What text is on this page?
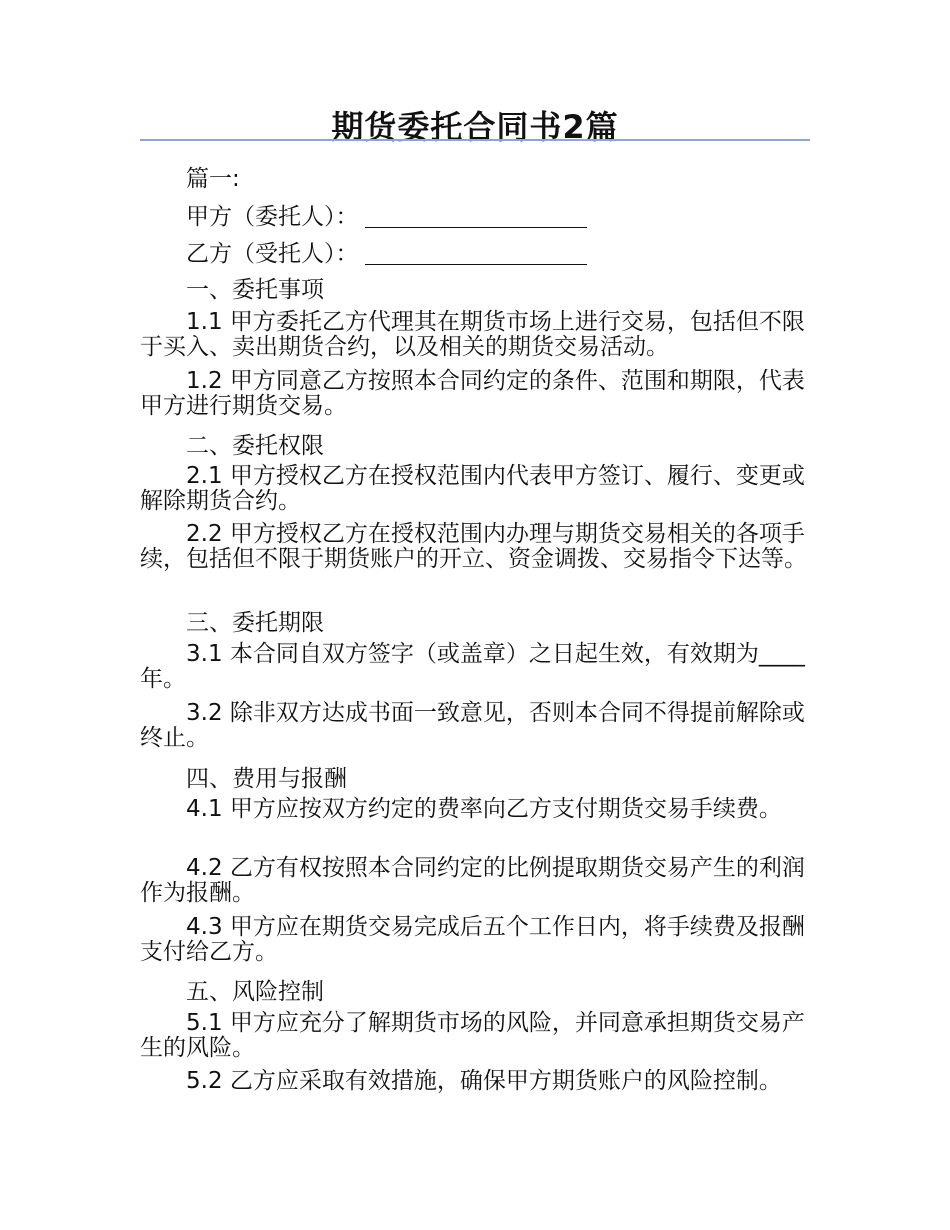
期货委托合同书2篇
篇一:
甲方（委托人）：
乙方（受托人）：
一、委托事项
1.1 甲方委托乙方代理其在期货市场上进行交易，包括但不限于买入、卖出期货合约，以及相关的期货交易活动。
1.2 甲方同意乙方按照本合同约定的条件、范围和期限，代表甲方进行期货交易。
二、委托权限
2.1 甲方授权乙方在授权范围内代表甲方签订、履行、变更或解除期货合约。
2.2 甲方授权乙方在授权范围内办理与期货交易相关的各项手续，包括但不限于期货账户的开立、资金调拨、交易指令下达等。
三、委托期限
3.1 本合同自双方签字（或盖章）之日起生效，有效期为____年。
3.2 除非双方达成书面一致意见，否则本合同不得提前解除或终止。
四、费用与报酬
4.1 甲方应按双方约定的费率向乙方支付期货交易手续费。
4.2 乙方有权按照本合同约定的比例提取期货交易产生的利润作为报酬。
4.3 甲方应在期货交易完成后五个工作日内，将手续费及报酬支付给乙方。
五、风险控制
5.1 甲方应充分了解期货市场的风险，并同意承担期货交易产生的风险。
5.2 乙方应采取有效措施，确保甲方期货账户的风险控制。
